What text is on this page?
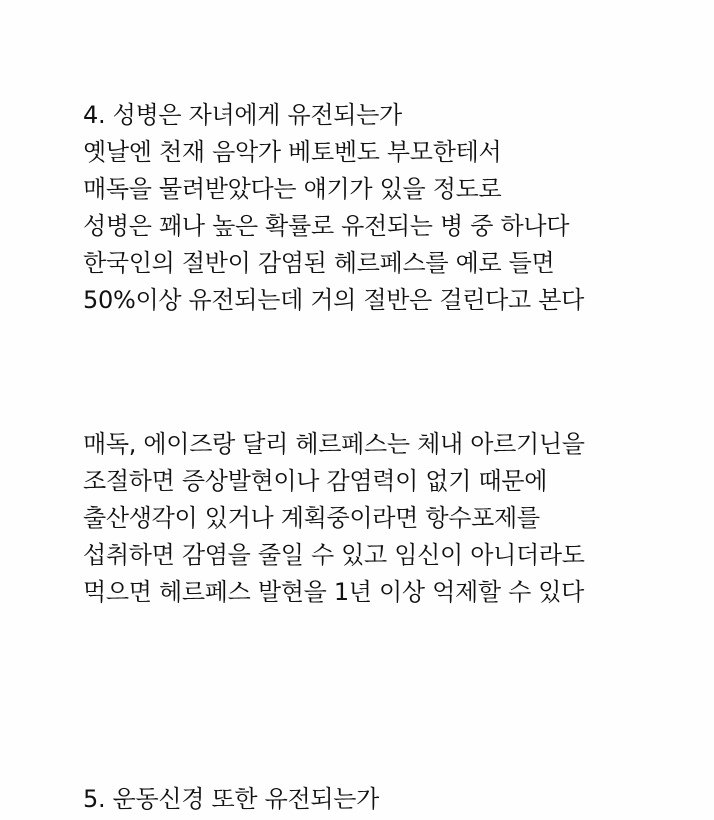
4. 성병은 자녀에게 유전되는가
옛날엔 천재 음악가 베토벤도 부모한테서
매독을 물려받았다는 얘기가 있을 정도로
성병은 꽤나 높은 확률로 유전되는 병 중 하나다
한국인의 절반이 감염된 헤르페스를 예로 들면
50%이상 유전되는데 거의 절반은 걸린다고 본다
매독, 에이즈랑 달리 헤르페스는 체내 아르기닌을
조절하면 증상발현이나 감염력이 없기 때문에
출산생각이 있거나 계획중이라면 항수포제를
섭취하면 감염을 줄일 수 있고 임신이 아니더라도
먹으면 헤르페스 발현을 1년 이상 억제할 수 있다
5. 운동신경 또한 유전되는가
